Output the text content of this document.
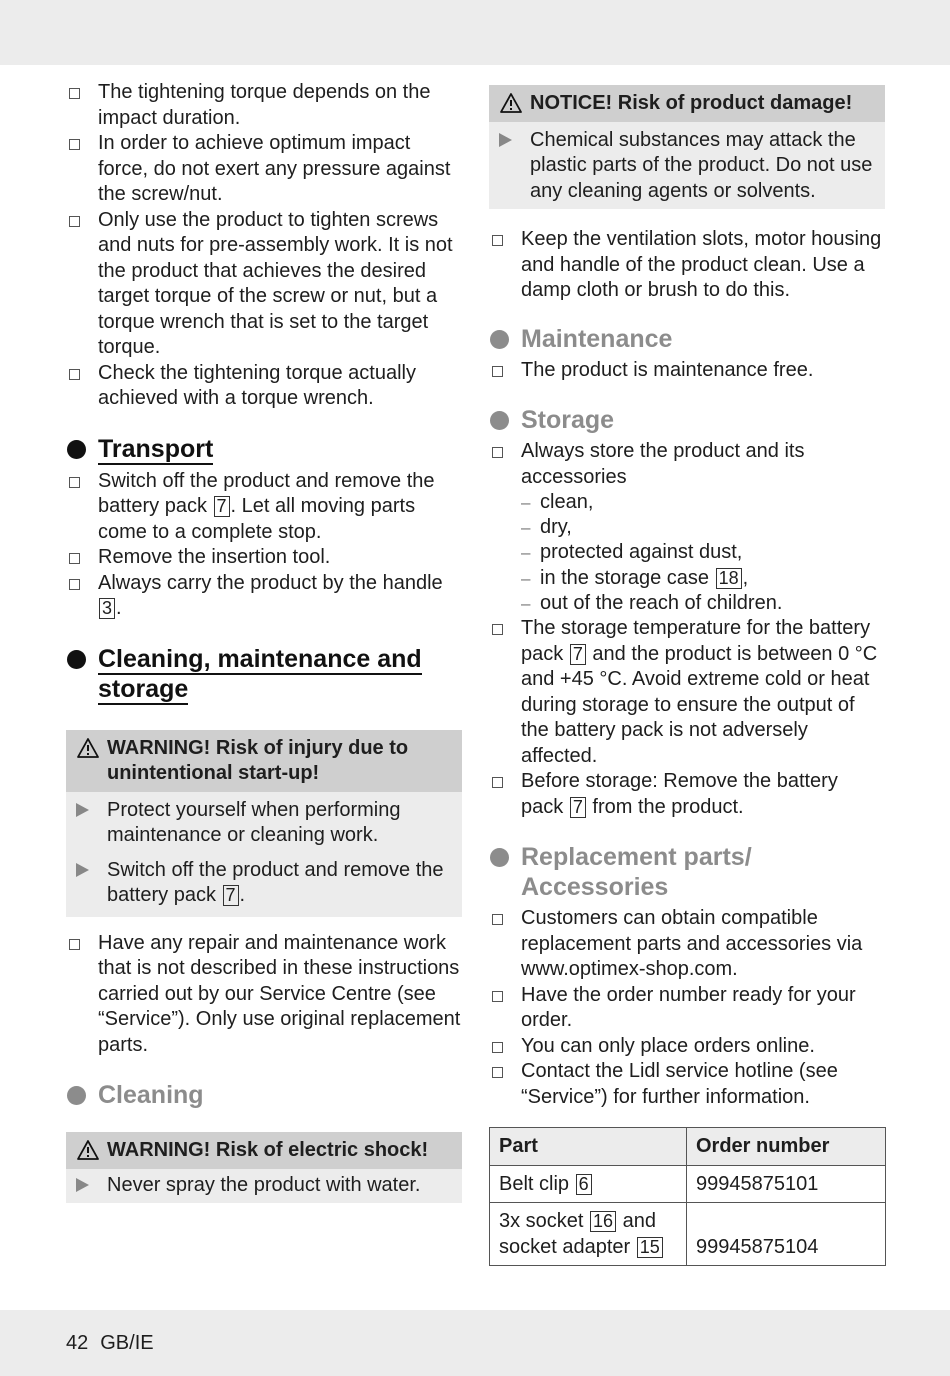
The tightening torque depends on the impact duration.
In order to achieve optimum impact force, do not exert any pressure against the screw/nut.
Only use the product to tighten screws and nuts for pre-assembly work. It is not the product that achieves the desired target torque of the screw or nut, but a torque wrench that is set to the target torque.
Check the tightening torque actually achieved with a torque wrench.
Transport
Switch off the product and remove the battery pack 7 . Let all moving parts come to a complete stop.
Remove the insertion tool.
Always carry the product by the handle 3 .
Cleaning, maintenance and storage
WARNING! Risk of injury due to unintentional start-up!
Protect yourself when performing maintenance or cleaning work.
Switch off the product and remove the battery pack 7 .
Have any repair and maintenance work that is not described in these instructions carried out by our Service Centre (see “Service”). Only use original replacement parts.
Cleaning
WARNING! Risk of electric shock!
Never spray the product with water.
NOTICE! Risk of product damage!
Chemical substances may attack the plastic parts of the product. Do not use any cleaning agents or solvents.
Keep the ventilation slots, motor housing and handle of the product clean. Use a damp cloth or brush to do this.
Maintenance
The product is maintenance free.
Storage
Always store the product and its accessories
– clean,
– dry,
– protected against dust,
– in the storage case 18 ,
– out of the reach of children.
The storage temperature for the battery pack 7 and the product is between 0 °C and +45 °C. Avoid extreme cold or heat during storage to ensure the output of the battery pack is not adversely affected.
Before storage: Remove the battery pack 7 from the product.
Replacement parts/ Accessories
Customers can obtain compatible replacement parts and accessories via www.optimex-shop.com.
Have the order number ready for your order.
You can only place orders online.
Contact the Lidl service hotline (see “Service”) for further information.
Part	Order number
Belt clip 6	99945875101
3x socket 16 and socket adapter 15	99945875104
42 GB/IE
